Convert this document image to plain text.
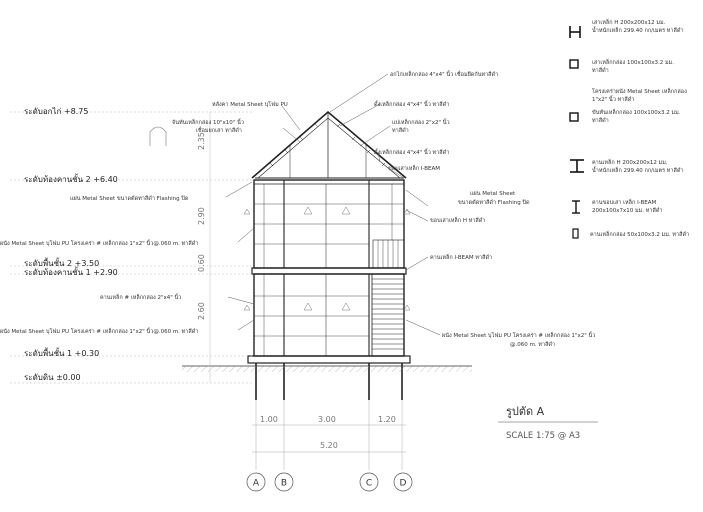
ระดับอกไก่ +8.75
ระดับท้องคานชั้น 2 +6.40
ระดับพื้นชั้น 2 +3.50
ระดับท้องคานชั้น 1 +2.90
ระดับพื้นชั้น 1 +0.30
ระดับดิน ±0.00
2.35
2.90
0.60
2.60
อกไก่เหล็กกล่อง 4"x4" นิ้ว เชื่อมยึดกันทาสีดำ
หลังคา Metal Sheet บุโฟม PU	ดั้งเหล็กกล่อง 4"x4" นิ้ว ทาสีดำ
จันทันเหล็กกล่อง 10"x10" นิ้ว
เชื่อมยกเสา ทาสีดำ
แปเหล็กกล่อง 2"x2" นิ้ว
ทาสีดำ
ดั้งเหล็กกล่อง 4"x4" นิ้ว ทาสีดำ
ขอบเสาเหล็ก I-BEAM
แผ่น Metal Sheet ขนาดตัดทาสีดำ Flashing ปิด
แผ่น Metal Sheet
ขนาดตัดทาสีดำ Flashing ปิด
ขอบเสาเหล็ก H ทาสีดำ
ผนัง Metal Sheet บุโฟม PU โครงเคร่า # เหล็กกล่อง 1"x2" นิ้ว@.060 m. ทาสีดำ
คานเหล็ก I-BEAM ทาสีดำ
คานเหล็ก # เหล็กกล่อง 2"x4" นิ้ว
ผนัง Metal Sheet บุโฟม PU โครงเคร่า # เหล็กกล่อง 1"x2" นิ้ว@.060 m. ทาสีดำ
ผนัง Metal Sheet บุโฟม PU โครงเคร่า # เหล็กกล่อง 1"x2" นิ้ว
@.060 m. ทาสีดำ
1.00	3.00	1.20
5.20
A B	C	D
รูปตัด A
SCALE 1:75 @ A3
เสาเหล็ก H 200x200x12 มม.
น้ำหนักเหล็ก 299.40 กก/เมตร ทาสีดำ
เสาเหล็กกล่อง 100x100x3.2 มม.
ทาสีดำ
โครงเคร่าผนัง Metal Sheet เหล็กกล่อง
1"x2" นิ้ว ทาสีดำ
ขันทันเหล็กกล่อง 100x100x3.2 มม.
ทาสีดำ
คานเหล็ก H 200x200x12 มม.
น้ำหนักเหล็ก 299.40 กก/เมตร ทาสีดำ
คานขอบเสา เหล็ก I-BEAM
200x100x7x10 มม. ทาสีดำ
คานเหล็กกล่อง 50x100x3.2 มม. ทาสีดำ
